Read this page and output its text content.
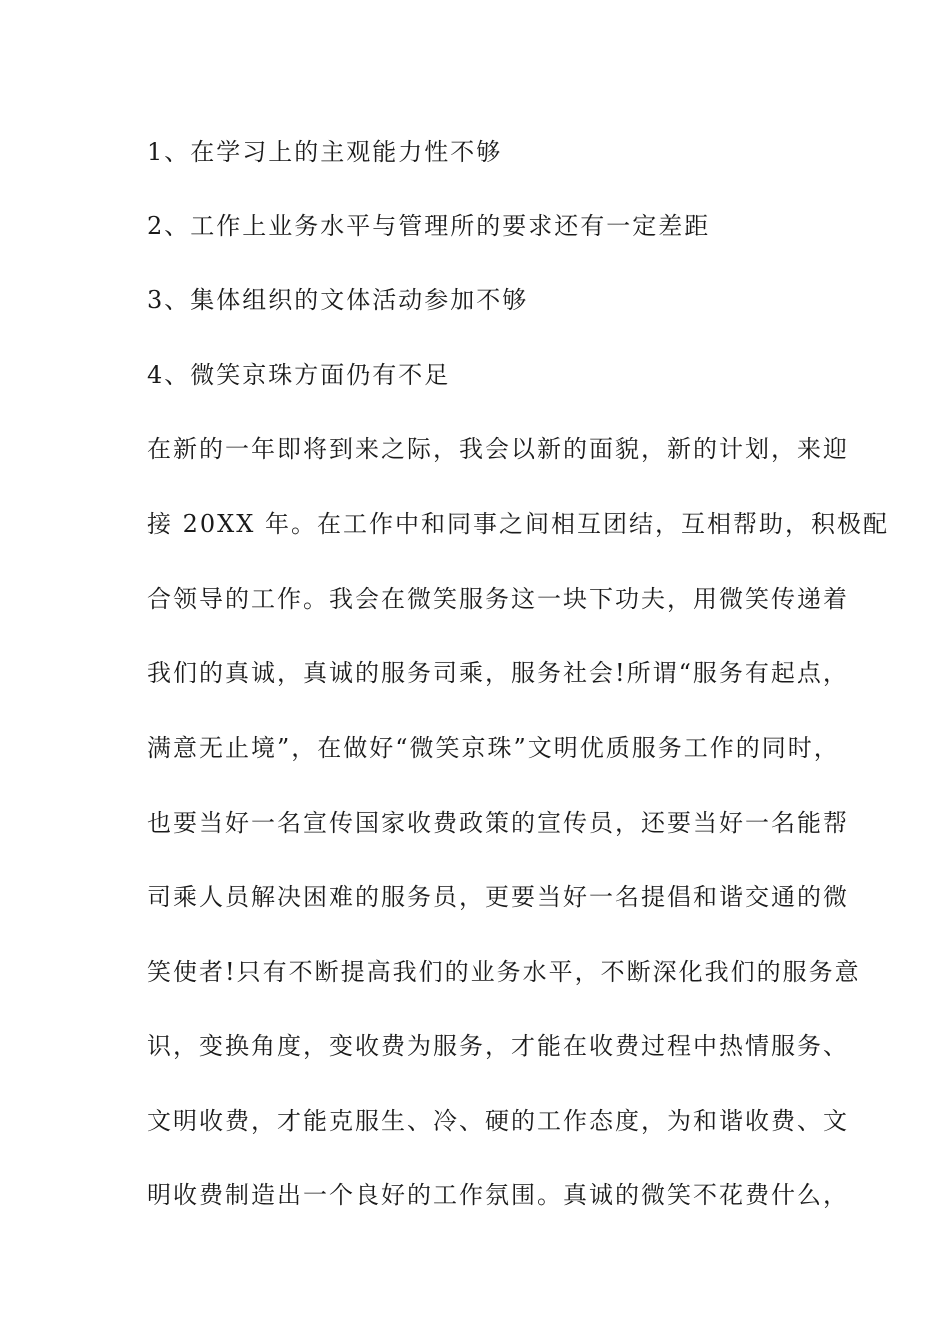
1、在学习上的主观能力性不够
2、工作上业务水平与管理所的要求还有一定差距
3、集体组织的文体活动参加不够
4、微笑京珠方面仍有不足
在新的一年即将到来之际，我会以新的面貌，新的计划，来迎
接 20XX 年。在工作中和同事之间相互团结，互相帮助，积极配
合领导的工作。我会在微笑服务这一块下功夫，用微笑传递着
我们的真诚，真诚的服务司乘，服务社会!所谓“服务有起点，
满意无止境”，在做好“微笑京珠”文明优质服务工作的同时，
也要当好一名宣传国家收费政策的宣传员，还要当好一名能帮
司乘人员解决困难的服务员，更要当好一名提倡和谐交通的微
笑使者!只有不断提高我们的业务水平，不断深化我们的服务意
识，变换角度，变收费为服务，才能在收费过程中热情服务、
文明收费，才能克服生、冷、硬的工作态度，为和谐收费、文
明收费制造出一个良好的工作氛围。真诚的微笑不花费什么，
